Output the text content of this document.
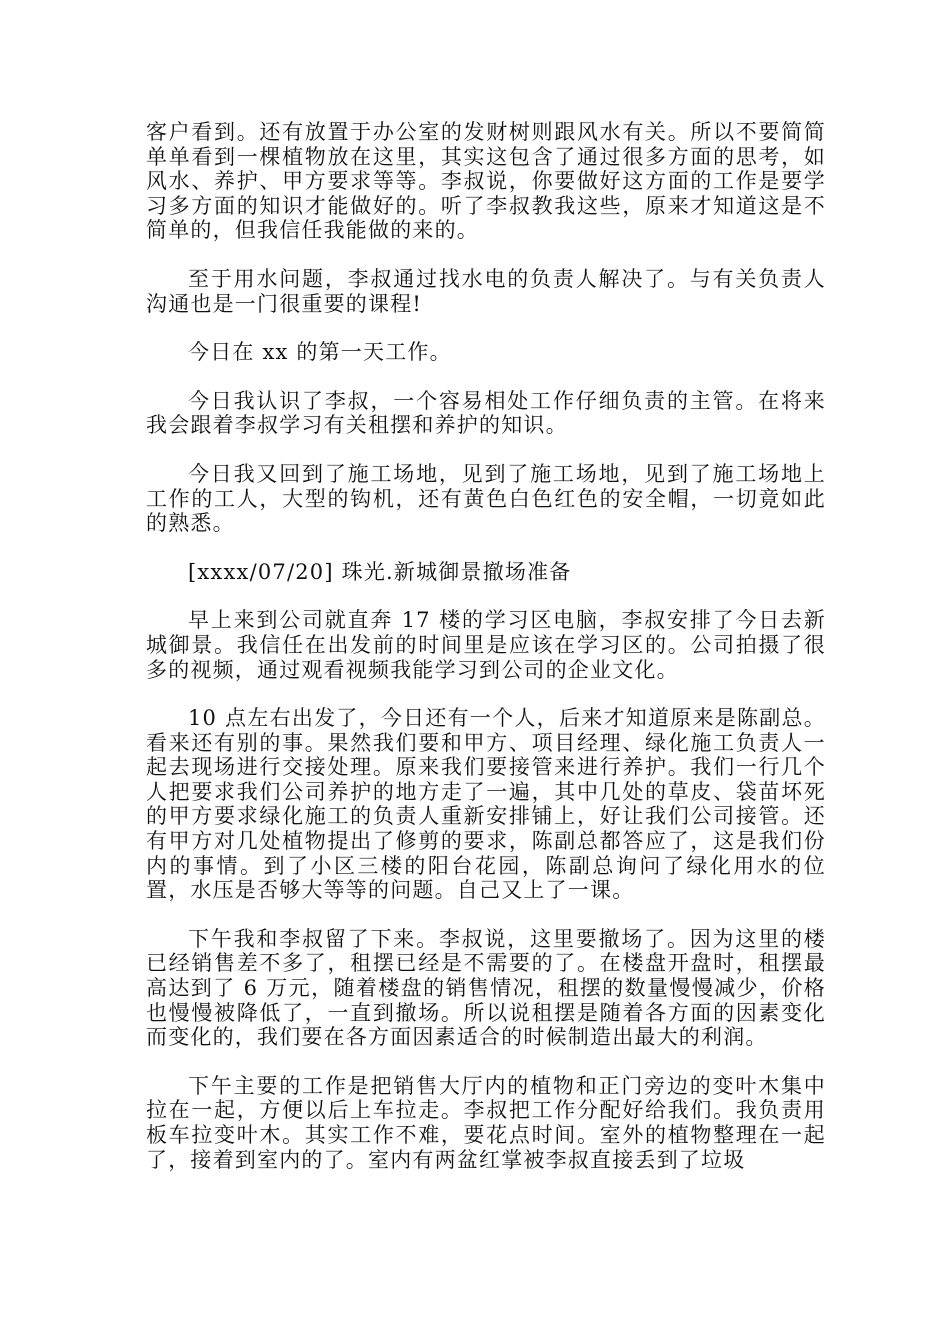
客户看到。还有放置于办公室的发财树则跟风水有关。所以不要简简单单看到一棵植物放在这里，其实这包含了通过很多方面的思考，如风水、养护、甲方要求等等。李叔说，你要做好这方面的工作是要学习多方面的知识才能做好的。听了李叔教我这些，原来才知道这是不简单的，但我信任我能做的来的。

至于用水问题，李叔通过找水电的负责人解决了。与有关负责人沟通也是一门很重要的课程!

今日在 xx 的第一天工作。

今日我认识了李叔，一个容易相处工作仔细负责的主管。在将来我会跟着李叔学习有关租摆和养护的知识。

今日我又回到了施工场地，见到了施工场地，见到了施工场地上工作的工人，大型的钩机，还有黄色白色红色的安全帽，一切竟如此的熟悉。

[xxxx/07/20] 珠光.新城御景撤场准备

早上来到公司就直奔 17 楼的学习区电脑，李叔安排了今日去新城御景。我信任在出发前的时间里是应该在学习区的。公司拍摄了很多的视频，通过观看视频我能学习到公司的企业文化。

10 点左右出发了，今日还有一个人，后来才知道原来是陈副总。看来还有别的事。果然我们要和甲方、项目经理、绿化施工负责人一起去现场进行交接处理。原来我们要接管来进行养护。我们一行几个人把要求我们公司养护的地方走了一遍，其中几处的草皮、袋苗坏死的甲方要求绿化施工的负责人重新安排铺上，好让我们公司接管。还有甲方对几处植物提出了修剪的要求，陈副总都答应了，这是我们份内的事情。到了小区三楼的阳台花园，陈副总询问了绿化用水的位置，水压是否够大等等的问题。自己又上了一课。

下午我和李叔留了下来。李叔说，这里要撤场了。因为这里的楼已经销售差不多了，租摆已经是不需要的了。在楼盘开盘时，租摆最高达到了 6 万元，随着楼盘的销售情况，租摆的数量慢慢减少，价格也慢慢被降低了，一直到撤场。所以说租摆是随着各方面的因素变化而变化的，我们要在各方面因素适合的时候制造出最大的利润。

下午主要的工作是把销售大厅内的植物和正门旁边的变叶木集中拉在一起，方便以后上车拉走。李叔把工作分配好给我们。我负责用板车拉变叶木。其实工作不难，要花点时间。室外的植物整理在一起了，接着到室内的了。室内有两盆红掌被李叔直接丢到了垃圾
